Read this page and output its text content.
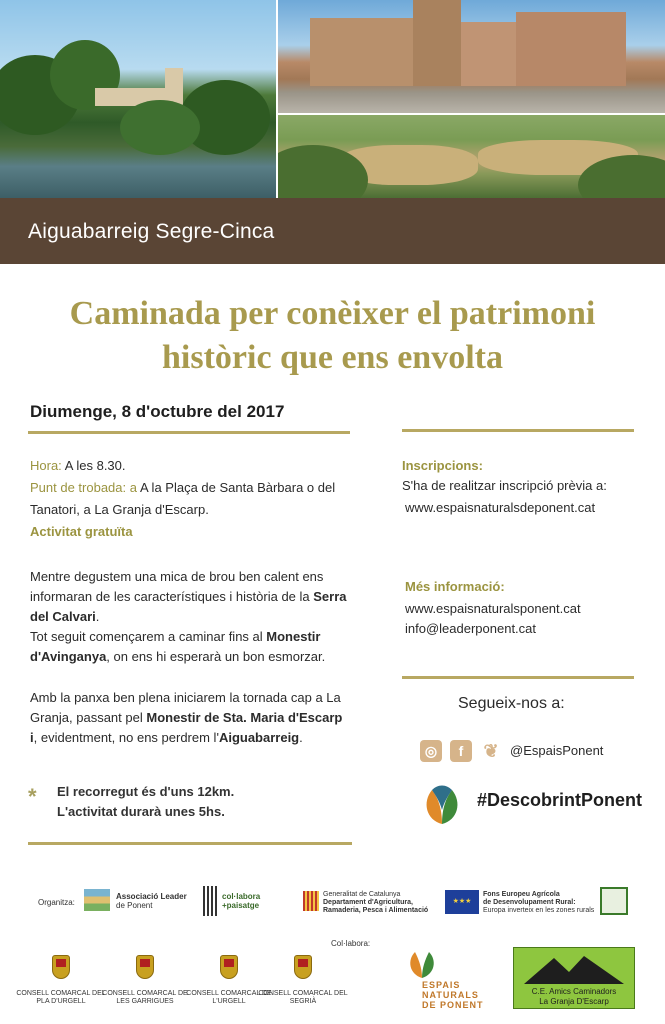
Aiguabarreig Segre-Cinca
Caminada per conèixer el patrimoni
històric que ens envolta
Diumenge, 8 d'octubre del 2017
Hora: A les 8.30.
Punt de trobada: a A la Plaça de Santa Bàrbara o del
Tanatori, a La Granja d'Escarp.
Activitat gratuïta
Mentre degustem una mica de brou ben calent ens
informaran de les característiques i història de la Serra
del Calvari.
Tot seguit començarem a caminar fins al Monestir
d'Avinganya, on ens hi esperarà un bon esmorzar.
Amb la panxa ben plena iniciarem la tornada cap a La
Granja, passant pel Monestir de Sta. Maria d'Escarp
i, evidentment, no ens perdrem l'Aiguabarreig.
* El recorregut és d'uns 12km.
L'activitat durarà unes 5hs.
Inscripcions:
S'ha de realitzar inscripció prèvia a:
www.espaisnaturalsdeponent.cat
Més informació:
www.espaisnaturalsponent.cat
info@leaderponent.cat
Segueix-nos a:
◎	f	❦ @EspaisPonent
#DescobrintPonent
Organitza:
Associació Leader
de Ponent
col·labora
+paisatge
Generalitat de Catalunya
Departament d'Agricultura,
Ramaderia, Pesca i Alimentació
★★★
Fons Europeu Agrícola
de Desenvolupament Rural:
Europa inverteix en les zones rurals
Col·labora:
CONSELL COMARCAL DEL PLA D'URGELL
CONSELL COMARCAL DE LES GARRIGUES
CONSELL COMARCAL DE L'URGELL
CONSELL COMARCAL DEL SEGRIÀ
ESPAIS
NATURALS
DE PONENT
C.E. Amics Caminadors
La Granja D'Escarp
